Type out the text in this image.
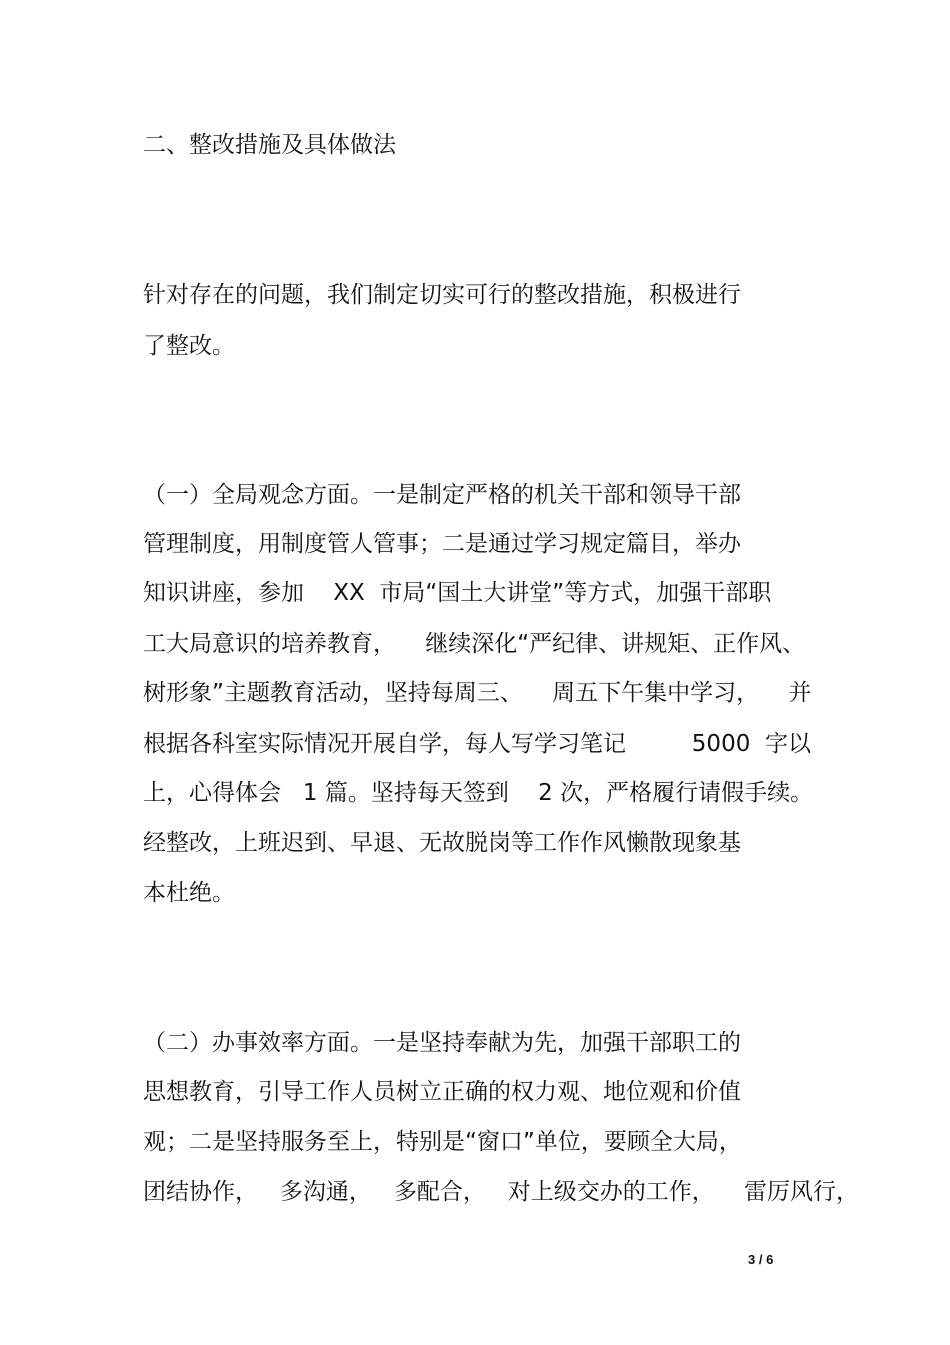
二、整改措施及具体做法

针对存在的问题，我们制定切实可行的整改措施，积极进行

了整改。

（一）全局观念方面。一是制定严格的机关干部和领导干部

管理制度，用制度管人管事；二是通过学习规定篇目，举办

知识讲座，参加    XX  市局“国土大讲堂”等方式，加强干部职

工大局意识的培养教育，    继续深化“严纪律、讲规矩、正作风、

树形象”主题教育活动，坚持每周三、    周五下午集中学习，    并

根据各科室实际情况开展自学，每人写学习笔记         5000  字以

上，心得体会   1 篇。坚持每天签到    2 次，严格履行请假手续。

经整改，上班迟到、早退、无故脱岗等工作作风懒散现象基

本杜绝。

（二）办事效率方面。一是坚持奉献为先，加强干部职工的

思想教育，引导工作人员树立正确的权力观、地位观和价值

观；二是坚持服务至上，特别是“窗口”单位，要顾全大局，

团结协作，   多沟通，   多配合，   对上级交办的工作，    雷厉风行，

3 / 6
